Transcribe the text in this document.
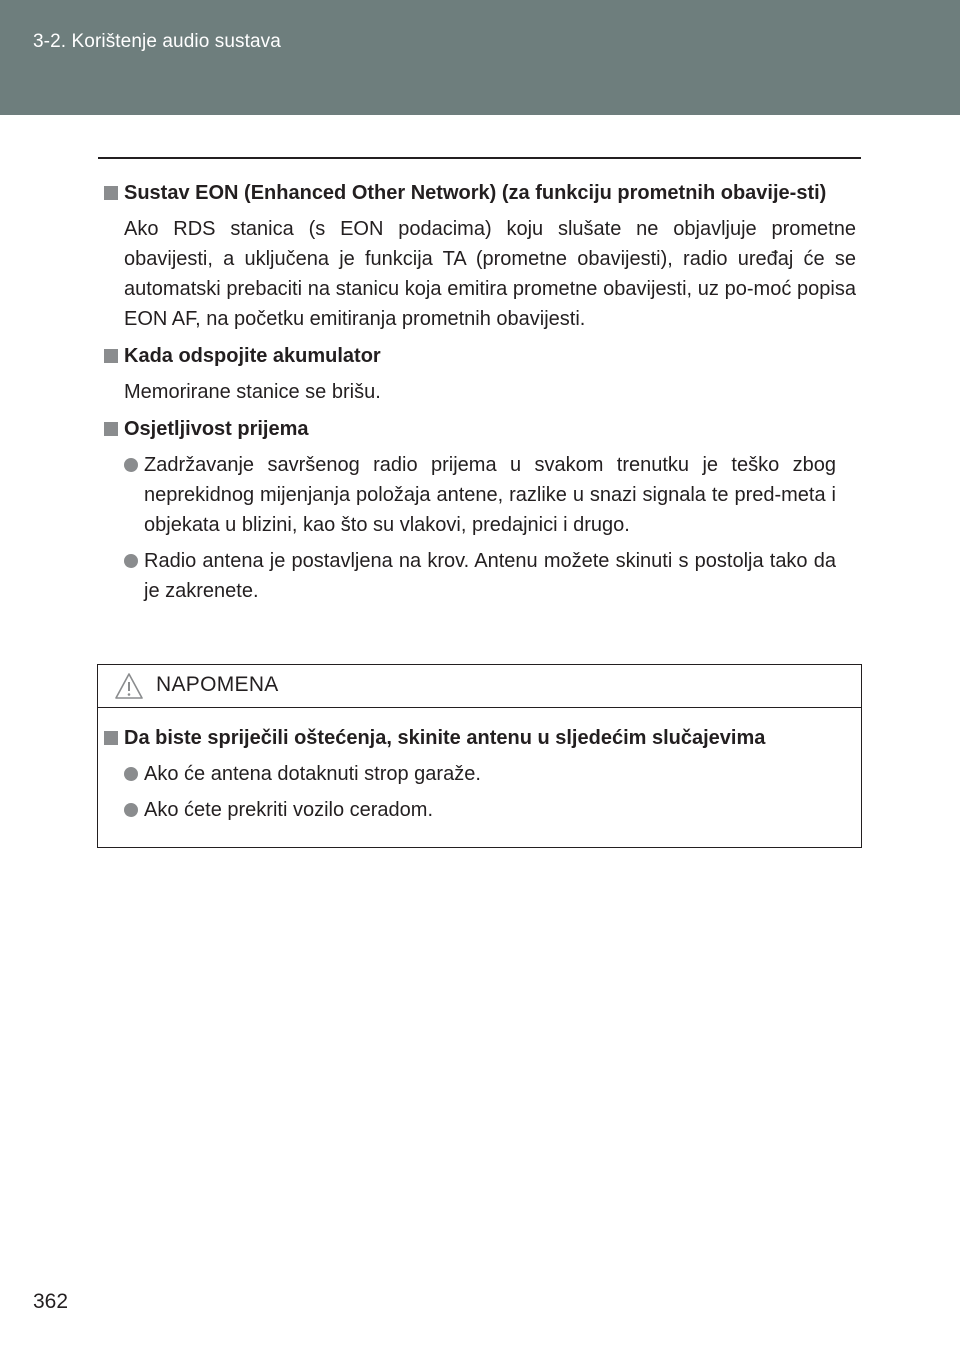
3-2. Korištenje audio sustava
Sustav EON (Enhanced Other Network) (za funkciju prometnih obavije-sti)
Ako RDS stanica (s EON podacima) koju slušate ne objavljuje prometne obavijesti, a uključena je funkcija TA (prometne obavijesti), radio uređaj će se automatski prebaciti na stanicu koja emitira prometne obavijesti, uz po-moć popisa EON AF, na početku emitiranja prometnih obavijesti.
Kada odspojite akumulator
Memorirane stanice se brišu.
Osjetljivost prijema
Zadržavanje savršenog radio prijema u svakom trenutku je teško zbog neprekidnog mijenjanja položaja antene, razlike u snazi signala te pred-meta i objekata u blizini, kao što su vlakovi, predajnici i drugo.
Radio antena je postavljena na krov. Antenu možete skinuti s postolja tako da je zakrenete.
NAPOMENA
Da biste spriječili oštećenja, skinite antenu u sljedećim slučajevima
Ako će antena dotaknuti strop garaže.
Ako ćete prekriti vozilo ceradom.
362
